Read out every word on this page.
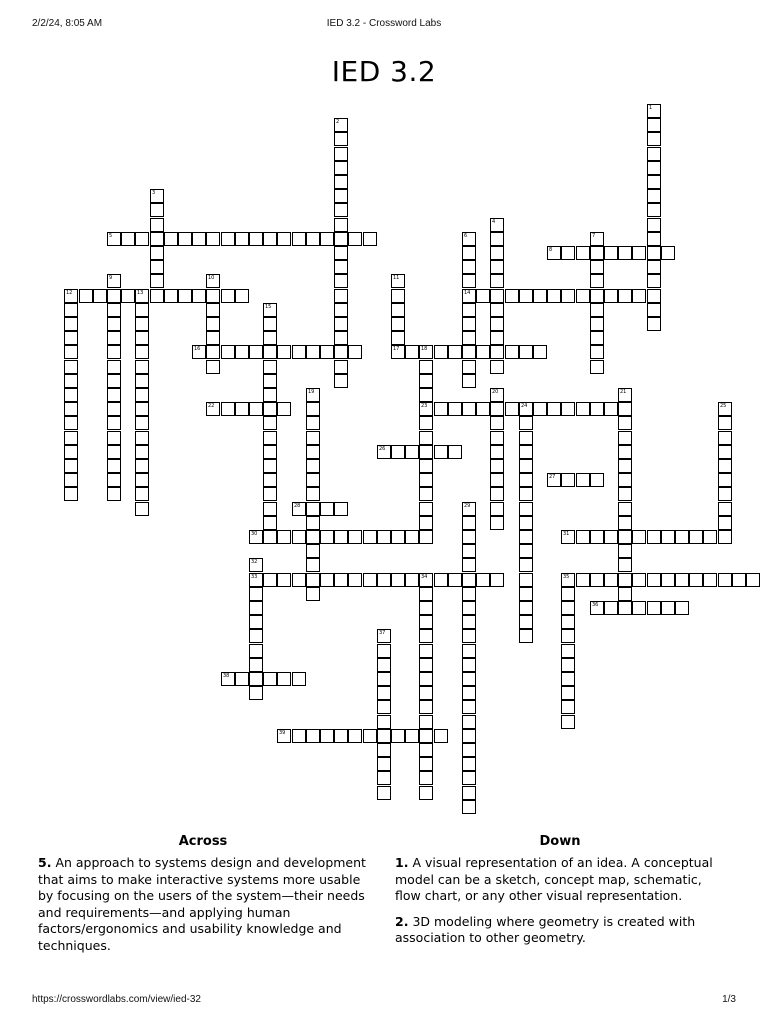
2/2/24, 8:05 AM	IED 3.2 - Crossword Labs
IED 3.2
1
2
3
4
5	6
14
7
8
9	10	11
17
12	13
15
16	18
23
19	20	21
22	24	25
26
27
28	29
30	31
32
33	34	35
36
37
38
39
Across
5. An approach to systems design and development that aims to make interactive systems more usable by focusing on the users of the system—their needs and requirements—and applying human factors/ergonomics and usability knowledge and techniques.
Down
1. A visual representation of an idea. A conceptual model can be a sketch, concept map, schematic, flow chart, or any other visual representation.
2. 3D modeling where geometry is created with association to other geometry.
https://crosswordlabs.com/view/ied-32	1/3
